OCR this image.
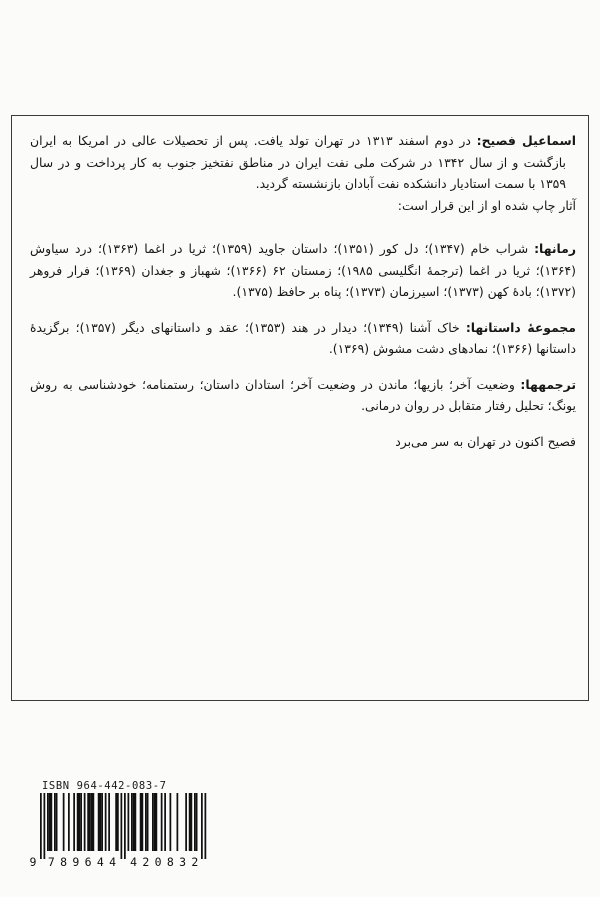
اسماعیل فصیح: در دوم اسفند ۱۳۱۳ در تهران تولد یافت. پس از تحصیلات عالی در امریکا به ایران بازگشت و از سال ۱۳۴۲ در شرکت ملی نفت ایران در مناطق نفتخیز جنوب به کار پرداخت و در سال ۱۳۵۹ با سمت استادیار دانشکده نفت آبادان بازنشسته گردید.

آثار چاپ شده او از این قرار است:

رمانها: شراب خام (۱۳۴۷)؛ دل کور (۱۳۵۱)؛ داستان جاوید (۱۳۵۹)؛ ثریا در اغما (۱۳۶۳)؛ درد سیاوش (۱۳۶۴)؛ ثریا در اغما (ترجمهٔ انگلیسی ۱۹۸۵)؛ زمستان ۶۲ (۱۳۶۶)؛ شهباز و جغدان (۱۳۶۹)؛ فرار فروهر (۱۳۷۲)؛ بادهٔ کهن (۱۳۷۳)؛ اسیرزمان (۱۳۷۳)؛ پناه بر حافظ (۱۳۷۵).

مجموعهٔ داستانها: خاک آشنا (۱۳۴۹)؛ دیدار در هند (۱۳۵۳)؛ عقد و داستانهای دیگر (۱۳۵۷)؛ برگزیدهٔ داستانها (۱۳۶۶)؛ نمادهای دشت مشوش (۱۳۶۹).

ترجمهها: وضعیت آخر؛ بازیها؛ ماندن در وضعیت آخر؛ استادان داستان؛ رستمنامه؛ خودشناسی به روش یونگ؛ تحلیل رفتار متقابل در روان درمانی.

فصیح اکنون در تهران به سر می‌برد

ISBN 964-442-083-7
9 7 8 9 6 4 4 4 2 0 8 3 2
